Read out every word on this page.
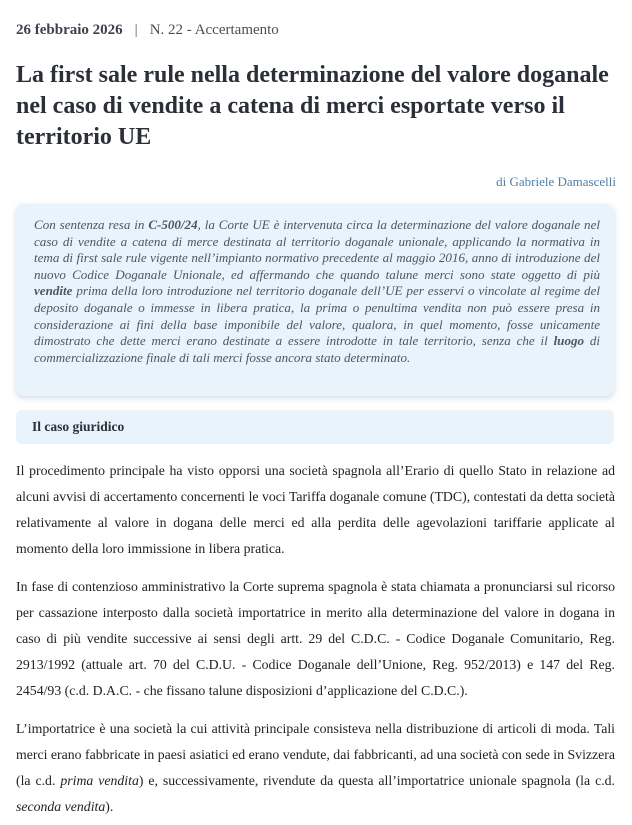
26 febbraio 2026 | N. 22 - Accertamento
La first sale rule nella determinazione del valore doganale nel caso di vendite a catena di merci esportate verso il territorio UE
di Gabriele Damascelli
Con sentenza resa in C-500/24, la Corte UE è intervenuta circa la determinazione del valore doganale nel caso di vendite a catena di merce destinata al territorio doganale unionale, applicando la normativa in tema di first sale rule vigente nell’impianto normativo precedente al maggio 2016, anno di introduzione del nuovo Codice Doganale Unionale, ed affermando che quando talune merci sono state oggetto di più vendite prima della loro introduzione nel territorio doganale dell’UE per esservi o vincolate al regime del deposito doganale o immesse in libera pratica, la prima o penultima vendita non può essere presa in considerazione ai fini della base imponibile del valore, qualora, in quel momento, fosse unicamente dimostrato che dette merci erano destinate a essere introdotte in tale territorio, senza che il luogo di commercializzazione finale di tali merci fosse ancora stato determinato.
Il caso giuridico

Il procedimento principale ha visto opporsi una società spagnola all’Erario di quello Stato in relazione ad alcuni avvisi di accertamento concernenti le voci Tariffa doganale comune (TDC), contestati da detta società relativamente al valore in dogana delle merci ed alla perdita delle agevolazioni tariffarie applicate al momento della loro immissione in libera pratica.

In fase di contenzioso amministrativo la Corte suprema spagnola è stata chiamata a pronunciarsi sul ricorso per cassazione interposto dalla società importatrice in merito alla determinazione del valore in dogana in caso di più vendite successive ai sensi degli artt. 29 del C.D.C. - Codice Doganale Comunitario, Reg. 2913/1992 (attuale art. 70 del C.D.U. - Codice Doganale dell’Unione, Reg. 952/2013) e 147 del Reg. 2454/93 (c.d. D.A.C. - che fissano talune disposizioni d’applicazione del C.D.C.).

L’importatrice è una società la cui attività principale consisteva nella distribuzione di articoli di moda. Tali merci erano fabbricate in paesi asiatici ed erano vendute, dai fabbricanti, ad una società con sede in Svizzera (la c.d. prima vendita) e, successivamente, rivendute da questa all’importatrice unionale spagnola (la c.d. seconda vendita).
